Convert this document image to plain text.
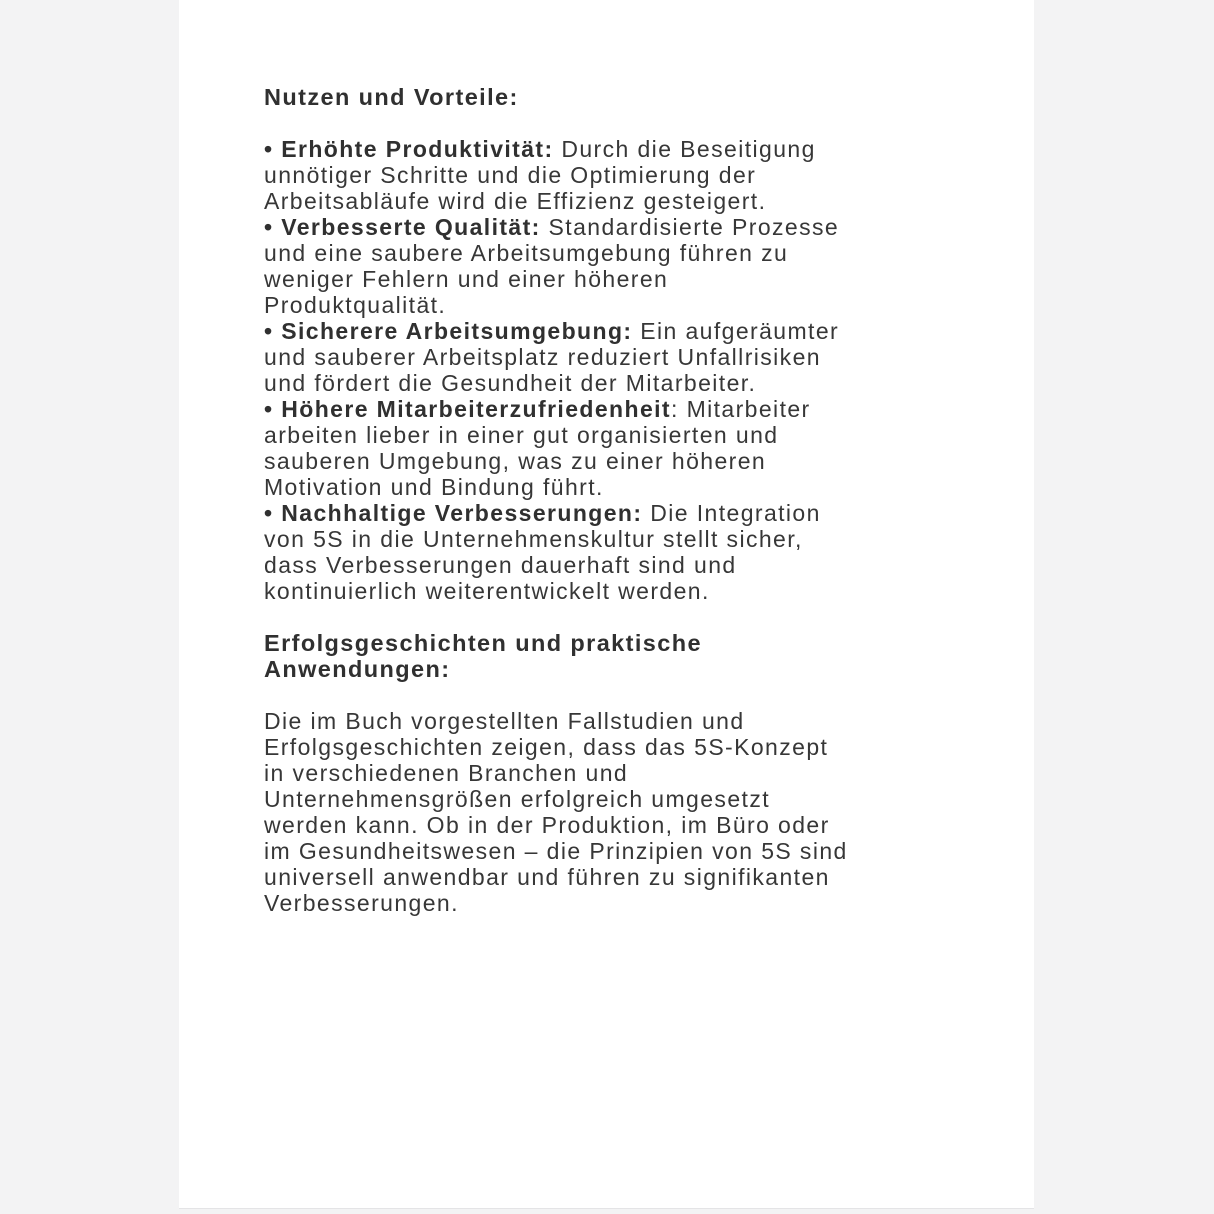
Nutzen und Vorteile:
• Erhöhte Produktivität: Durch die Beseitigung
unnötiger Schritte und die Optimierung der
Arbeitsabläufe wird die Effizienz gesteigert.
• Verbesserte Qualität: Standardisierte Prozesse
und eine saubere Arbeitsumgebung führen zu
weniger Fehlern und einer höheren
Produktqualität.
• Sicherere Arbeitsumgebung: Ein aufgeräumter
und sauberer Arbeitsplatz reduziert Unfallrisiken
und fördert die Gesundheit der Mitarbeiter.
• Höhere Mitarbeiterzufriedenheit: Mitarbeiter
arbeiten lieber in einer gut organisierten und
sauberen Umgebung, was zu einer höheren
Motivation und Bindung führt.
• Nachhaltige Verbesserungen: Die Integration
von 5S in die Unternehmenskultur stellt sicher,
dass Verbesserungen dauerhaft sind und
kontinuierlich weiterentwickelt werden.
Erfolgsgeschichten und praktische
Anwendungen:
Die im Buch vorgestellten Fallstudien und
Erfolgsgeschichten zeigen, dass das 5S-Konzept
in verschiedenen Branchen und
Unternehmensgrößen erfolgreich umgesetzt
werden kann. Ob in der Produktion, im Büro oder
im Gesundheitswesen – die Prinzipien von 5S sind
universell anwendbar und führen zu signifikanten
Verbesserungen.
